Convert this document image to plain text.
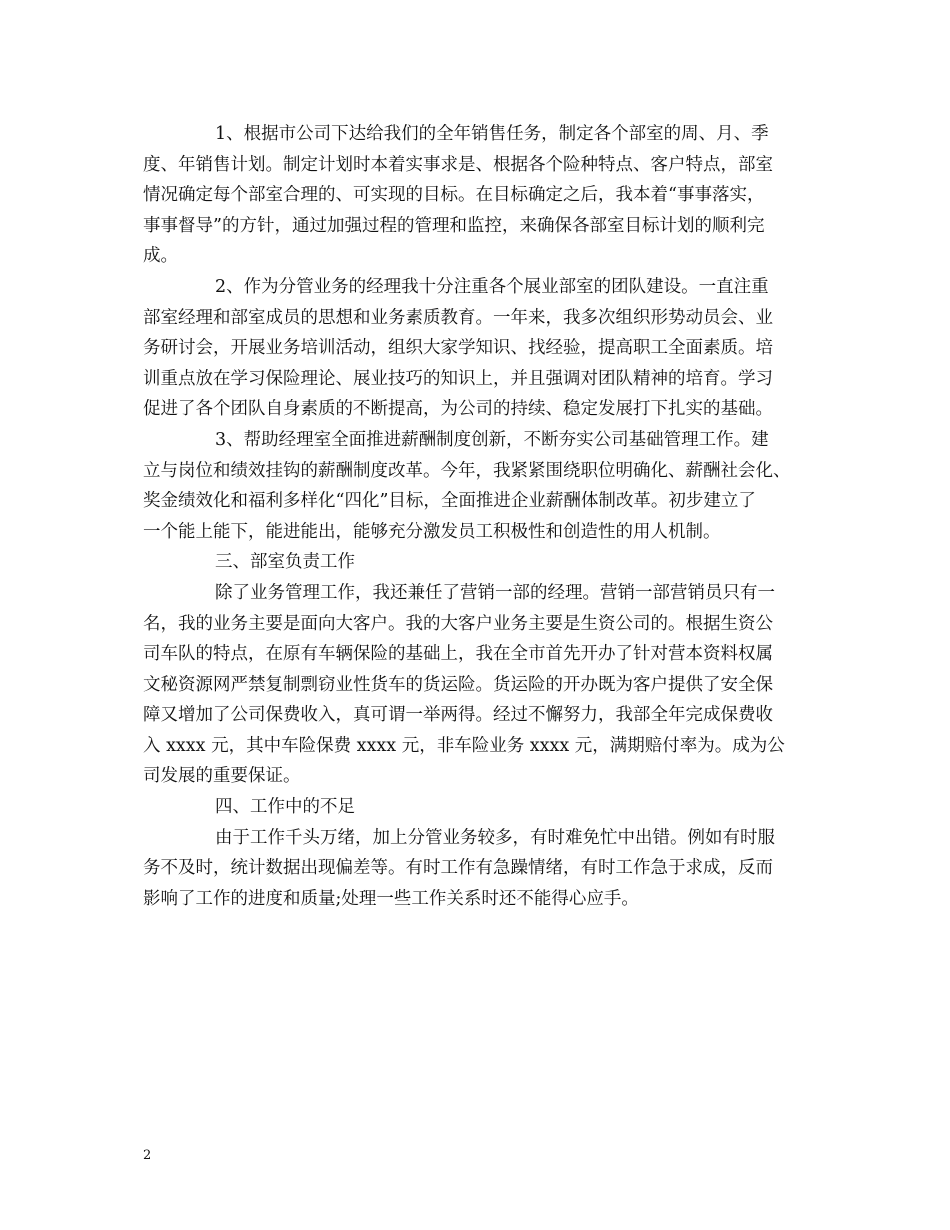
1、根据市公司下达给我们的全年销售任务，制定各个部室的周、月、季
度、年销售计划。制定计划时本着实事求是、根据各个险种特点、客户特点，部室
情况确定每个部室合理的、可实现的目标。在目标确定之后，我本着“事事落实，
事事督导”的方针，通过加强过程的管理和监控，来确保各部室目标计划的顺利完
成。
2、作为分管业务的经理我十分注重各个展业部室的团队建设。一直注重
部室经理和部室成员的思想和业务素质教育。一年来，我多次组织形势动员会、业
务研讨会，开展业务培训活动，组织大家学知识、找经验，提高职工全面素质。培
训重点放在学习保险理论、展业技巧的知识上，并且强调对团队精神的培育。学习
促进了各个团队自身素质的不断提高，为公司的持续、稳定发展打下扎实的基础。
3、帮助经理室全面推进薪酬制度创新，不断夯实公司基础管理工作。建
立与岗位和绩效挂钩的薪酬制度改革。今年，我紧紧围绕职位明确化、薪酬社会化、
奖金绩效化和福利多样化“四化”目标，全面推进企业薪酬体制改革。初步建立了
一个能上能下，能进能出，能够充分激发员工积极性和创造性的用人机制。
三、部室负责工作
除了业务管理工作，我还兼任了营销一部的经理。营销一部营销员只有一
名，我的业务主要是面向大客户。我的大客户业务主要是生资公司的。根据生资公
司车队的特点，在原有车辆保险的基础上，我在全市首先开办了针对营本资料权属
文秘资源网严禁复制剽窃业性货车的货运险。货运险的开办既为客户提供了安全保
障又增加了公司保费收入，真可谓一举两得。经过不懈努力，我部全年完成保费收
入 xxxx 元，其中车险保费 xxxx 元，非车险业务 xxxx 元，满期赔付率为。成为公
司发展的重要保证。
四、工作中的不足
由于工作千头万绪，加上分管业务较多，有时难免忙中出错。例如有时服
务不及时，统计数据出现偏差等。有时工作有急躁情绪，有时工作急于求成，反而
影响了工作的进度和质量;处理一些工作关系时还不能得心应手。
2
